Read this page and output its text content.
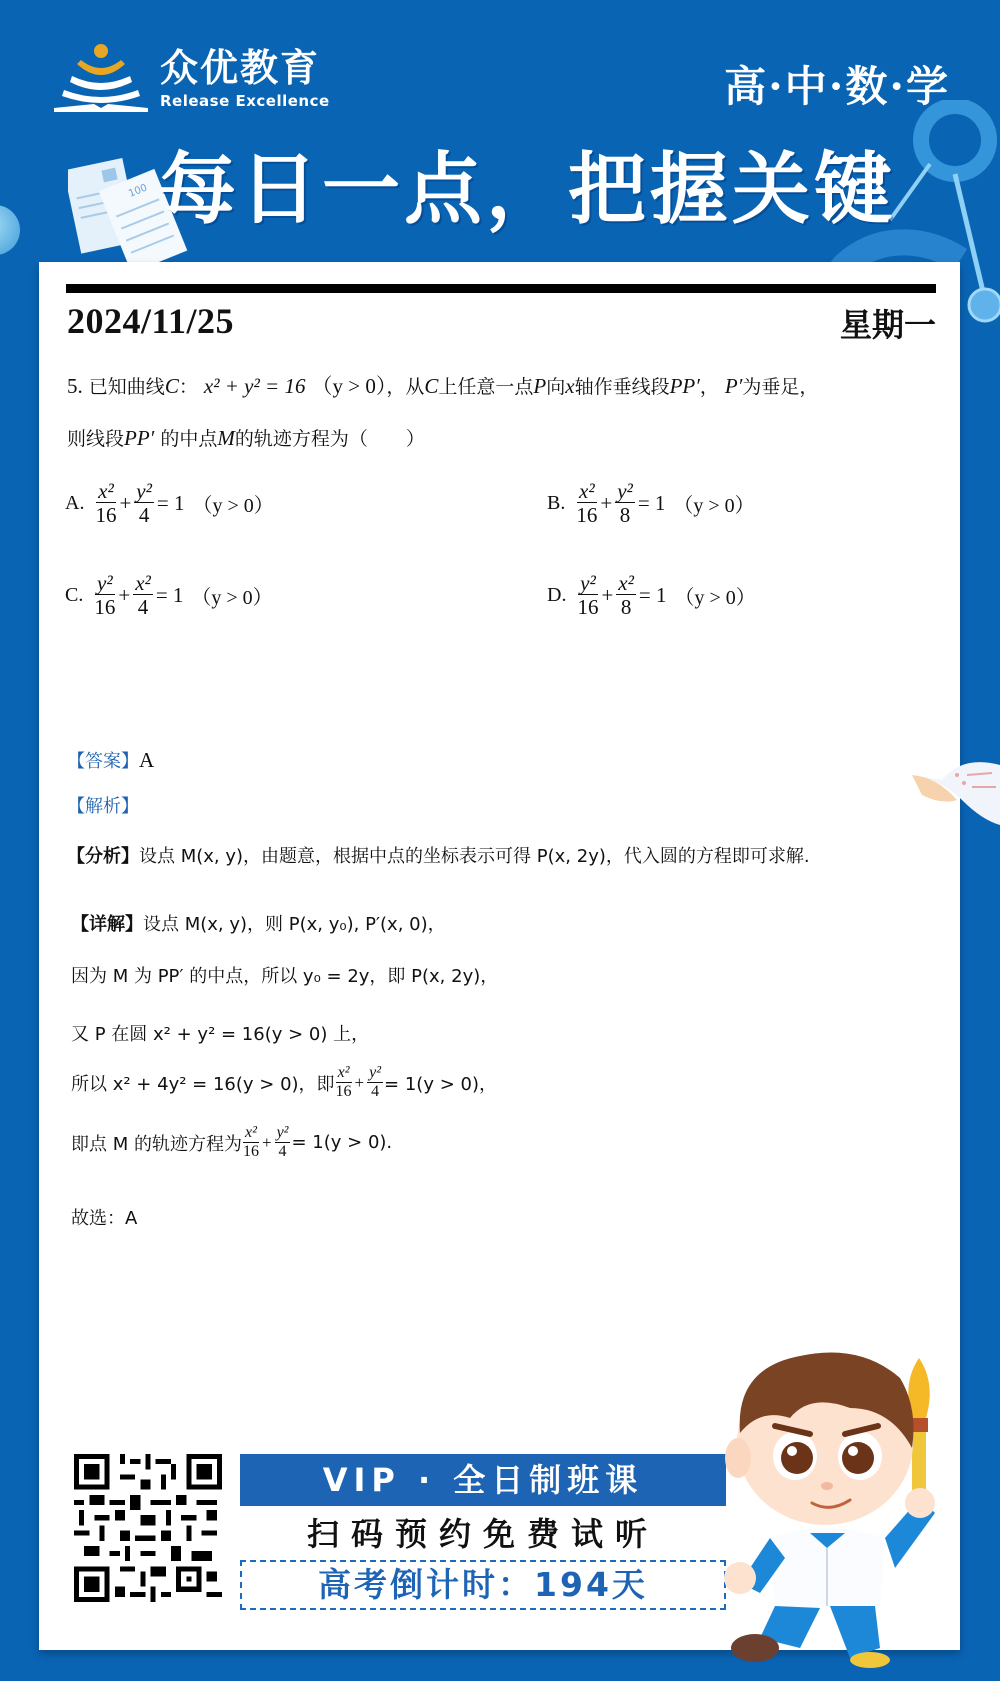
众优教育
Release Excellence	高·中·数·学
100 每日一点，把握关键
2024/11/25	星期一
5. 已知曲线C： x² + y² = 16 （y > 0），从C上任意一点P向x轴作垂线段PP′， P′为垂足，
则线段PP′ 的中点M的轨迹方程为（　　）
A. $\frac{\text{x²}}{16} + \frac{\text{y²}}{4} = 1$ （y > 0）	B. $\frac{\text{x²}}{16} + \frac{\text{y²}}{8} = 1$ （y > 0）
C. $\frac{\text{y²}}{16} + \frac{\text{x²}}{4} = 1$ （y > 0）	D. $\frac{\text{y²}}{16} + \frac{\text{x²}}{8} = 1$ （y > 0）
【答案】A
【解析】
【分析】设点 M(x, y)，由题意，根据中点的坐标表示可得 P(x, 2y)，代入圆的方程即可求解.
【详解】设点 M(x, y)，则 P(x, y₀), P′(x, 0)，
因为 M 为 PP′ 的中点，所以 y₀ = 2y，即 P(x, 2y)，
又 P 在圆 x² + y² = 16(y > 0) 上，
所以 x² + 4y² = 16(y > 0)，即 $\frac{\text{x²}}{16} + \frac{\text{y²}}{4} = 1(y > 0)$，
即点 M 的轨迹方程为 $\frac{\text{x²}}{16} + \frac{\text{y²}}{4} = 1(y > 0)$.
故选：A
VIP · 全日制班课
扫码预约免费试听
高考倒计时：194天
